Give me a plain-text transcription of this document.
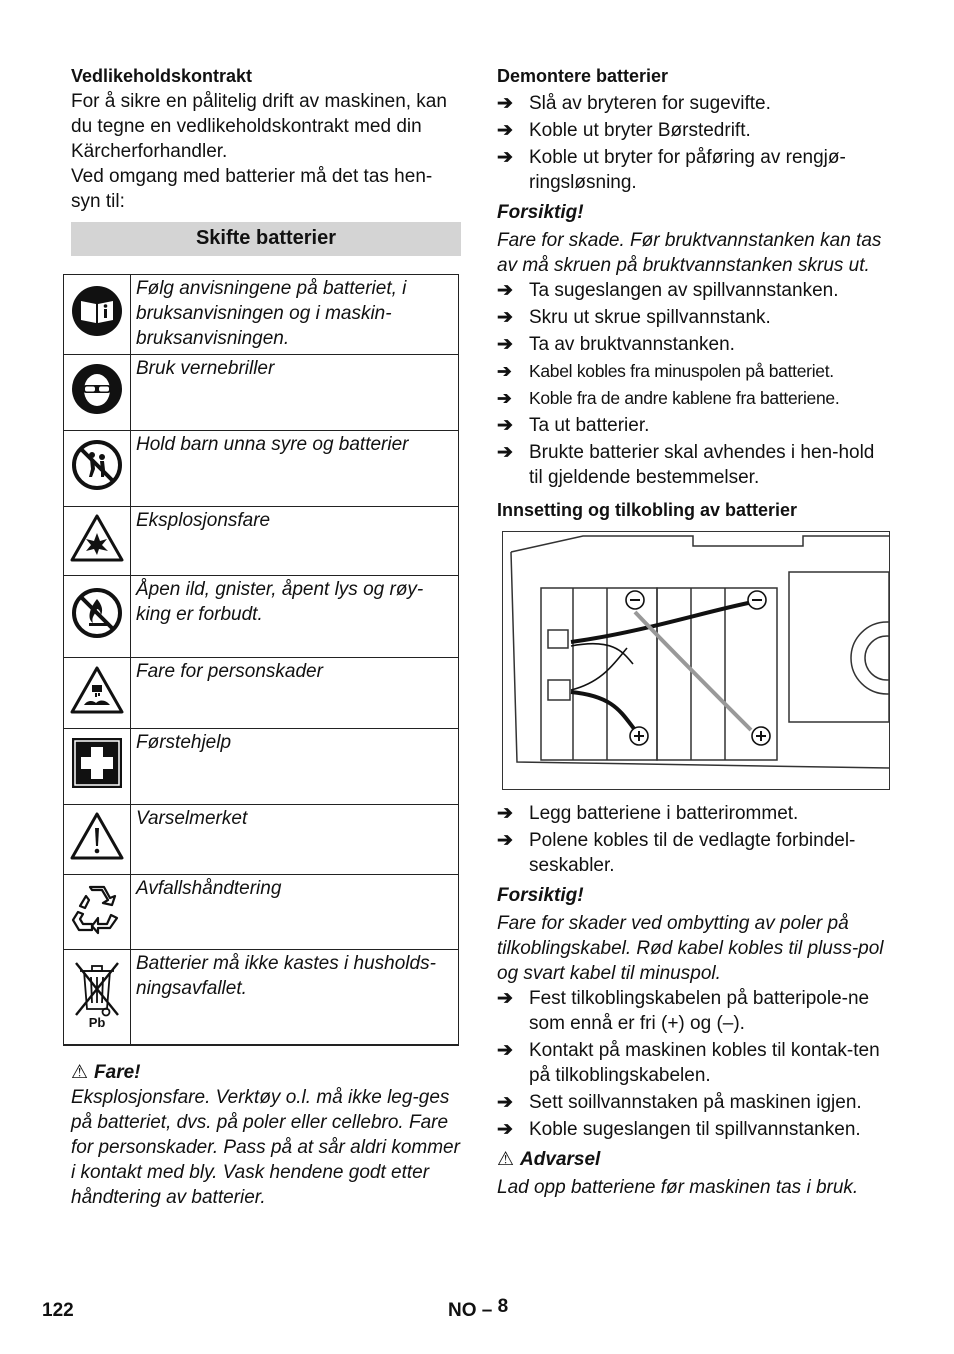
Vedlikeholdskontrakt

For å sikre en pålitelig drift av maskinen, kan du tegne en vedlikeholdskontrakt med din Kärcherforhandler.

Ved omgang med batterier må det tas hen-syn til:

Skifte batterier
	Følg anvisningene på batteriet, i bruksanvisningen og i maskin-bruksanvisningen.
	Bruk vernebriller
	Hold barn unna syre og batterier
	Eksplosjonsfare
	Åpen ild, gnister, åpent lys og røy-king er forbudt.
	Fare for personskader
	Førstehjelp
	Varselmerket
	Avfallshåndtering

Pb	Batterier må ikke kastes i husholds-ningsavfallet.
⚠ Fare!

Eksplosjonsfare. Verktøy o.l. må ikke leg-ges på batteriet, dvs. på poler eller cellebro. Fare for personskader. Pass på at sår aldri kommer i kontakt med bly. Vask hendene godt etter håndtering av batterier.

Demontere batterier
➔ Slå av bryteren for sugevifte.
➔ Koble ut bryter Børstedrift.
➔ Koble ut bryter for påføring av rengjø-ringsløsning.
Forsiktig!

Fare for skade. Før bruktvannstanken kan tas av må skruen på bruktvannstanken skrus ut.

➔ Ta sugeslangen av spillvannstanken.
➔ Skru ut skrue spillvannstank.
➔ Ta av bruktvannstanken.
➔ Kabel kobles fra minuspolen på batteriet.
➔ Koble fra de andre kablene fra batteriene.
➔ Ta ut batterier.
➔ Brukte batterier skal avhendes i hen-hold til gjeldende bestemmelser.
Innsetting og tilkobling av batterier
➔ Legg batteriene i batterirommet.
➔ Polene kobles til de vedlagte forbindel-seskabler.
Forsiktig!

Fare for skader ved ombytting av poler på tilkoblingskabel. Rød kabel kobles til pluss-pol og svart kabel til minuspol.

➔ Fest tilkoblingskabelen på batteripole-ne som ennå er fri (+) og (–).
➔ Kontakt på maskinen kobles til kontak-ten på tilkoblingskabelen.
➔ Sett soillvannstaken på maskinen igjen.
➔ Koble sugeslangen til spillvannstanken.
⚠ Advarsel

Lad opp batteriene før maskinen tas i bruk.

122	NO – 8
